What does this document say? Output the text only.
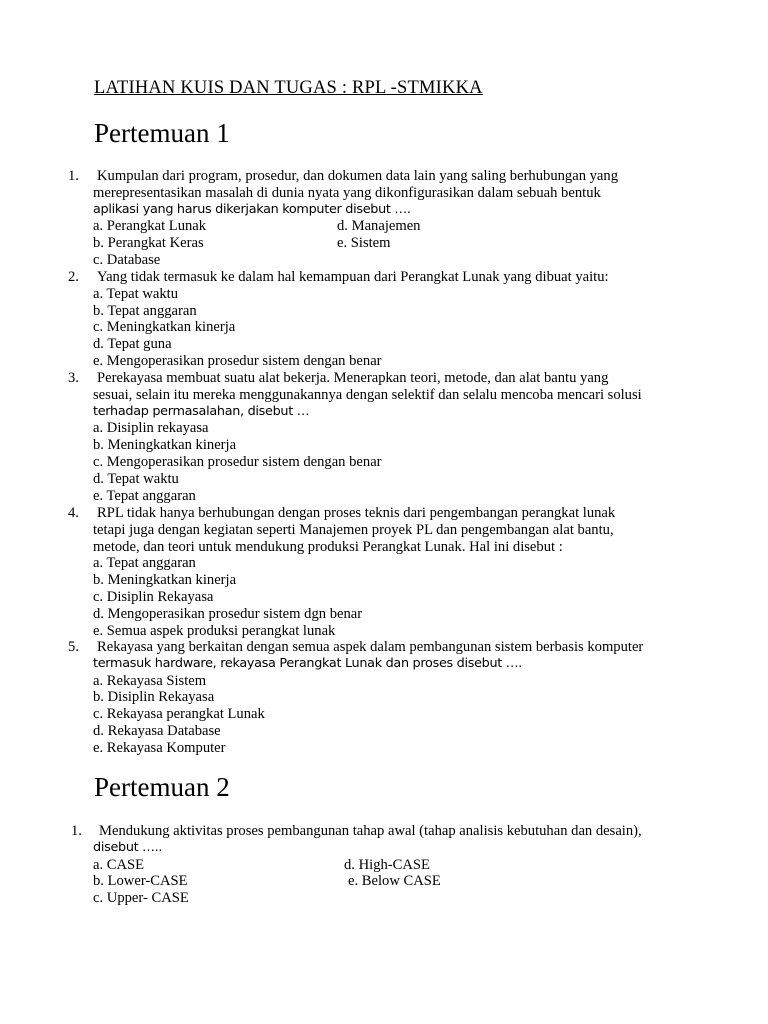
LATIHAN KUIS DAN TUGAS : RPL -STMIKKA
Pertemuan 1
1. Kumpulan dari program, prosedur, dan dokumen data lain yang saling berhubungan yang
merepresentasikan masalah di dunia nyata yang dikonfigurasikan dalam sebuah bentuk
aplikasi yang harus dikerjakan komputer disebut ….
a. Perangkat Lunak	d. Manajemen
b. Perangkat Keras	e. Sistem
c. Database
2. Yang tidak termasuk ke dalam hal kemampuan dari Perangkat Lunak yang dibuat yaitu:
a. Tepat waktu
b. Tepat anggaran
c. Meningkatkan kinerja
d. Tepat guna
e. Mengoperasikan prosedur sistem dengan benar
3. Perekayasa membuat suatu alat bekerja. Menerapkan teori, metode, dan alat bantu yang
sesuai, selain itu mereka menggunakannya dengan selektif dan selalu mencoba mencari solusi
terhadap permasalahan, disebut …
a. Disiplin rekayasa
b. Meningkatkan kinerja
c. Mengoperasikan prosedur sistem dengan benar
d. Tepat waktu
e. Tepat anggaran
4. RPL tidak hanya berhubungan dengan proses teknis dari pengembangan perangkat lunak
tetapi juga dengan kegiatan seperti Manajemen proyek PL dan pengembangan alat bantu,
metode, dan teori untuk mendukung produksi Perangkat Lunak. Hal ini disebut :
a. Tepat anggaran
b. Meningkatkan kinerja
c. Disiplin Rekayasa
d. Mengoperasikan prosedur sistem dgn benar
e. Semua aspek produksi perangkat lunak
5. Rekayasa yang berkaitan dengan semua aspek dalam pembangunan sistem berbasis komputer
termasuk hardware, rekayasa Perangkat Lunak dan proses disebut ….
a. Rekayasa Sistem
b. Disiplin Rekayasa
c. Rekayasa perangkat Lunak
d. Rekayasa Database
e. Rekayasa Komputer
Pertemuan 2
1. Mendukung aktivitas proses pembangunan tahap awal (tahap analisis kebutuhan dan desain),
disebut …..
a. CASE	d. High-CASE
b. Lower-CASE	e. Below CASE
c. Upper- CASE
